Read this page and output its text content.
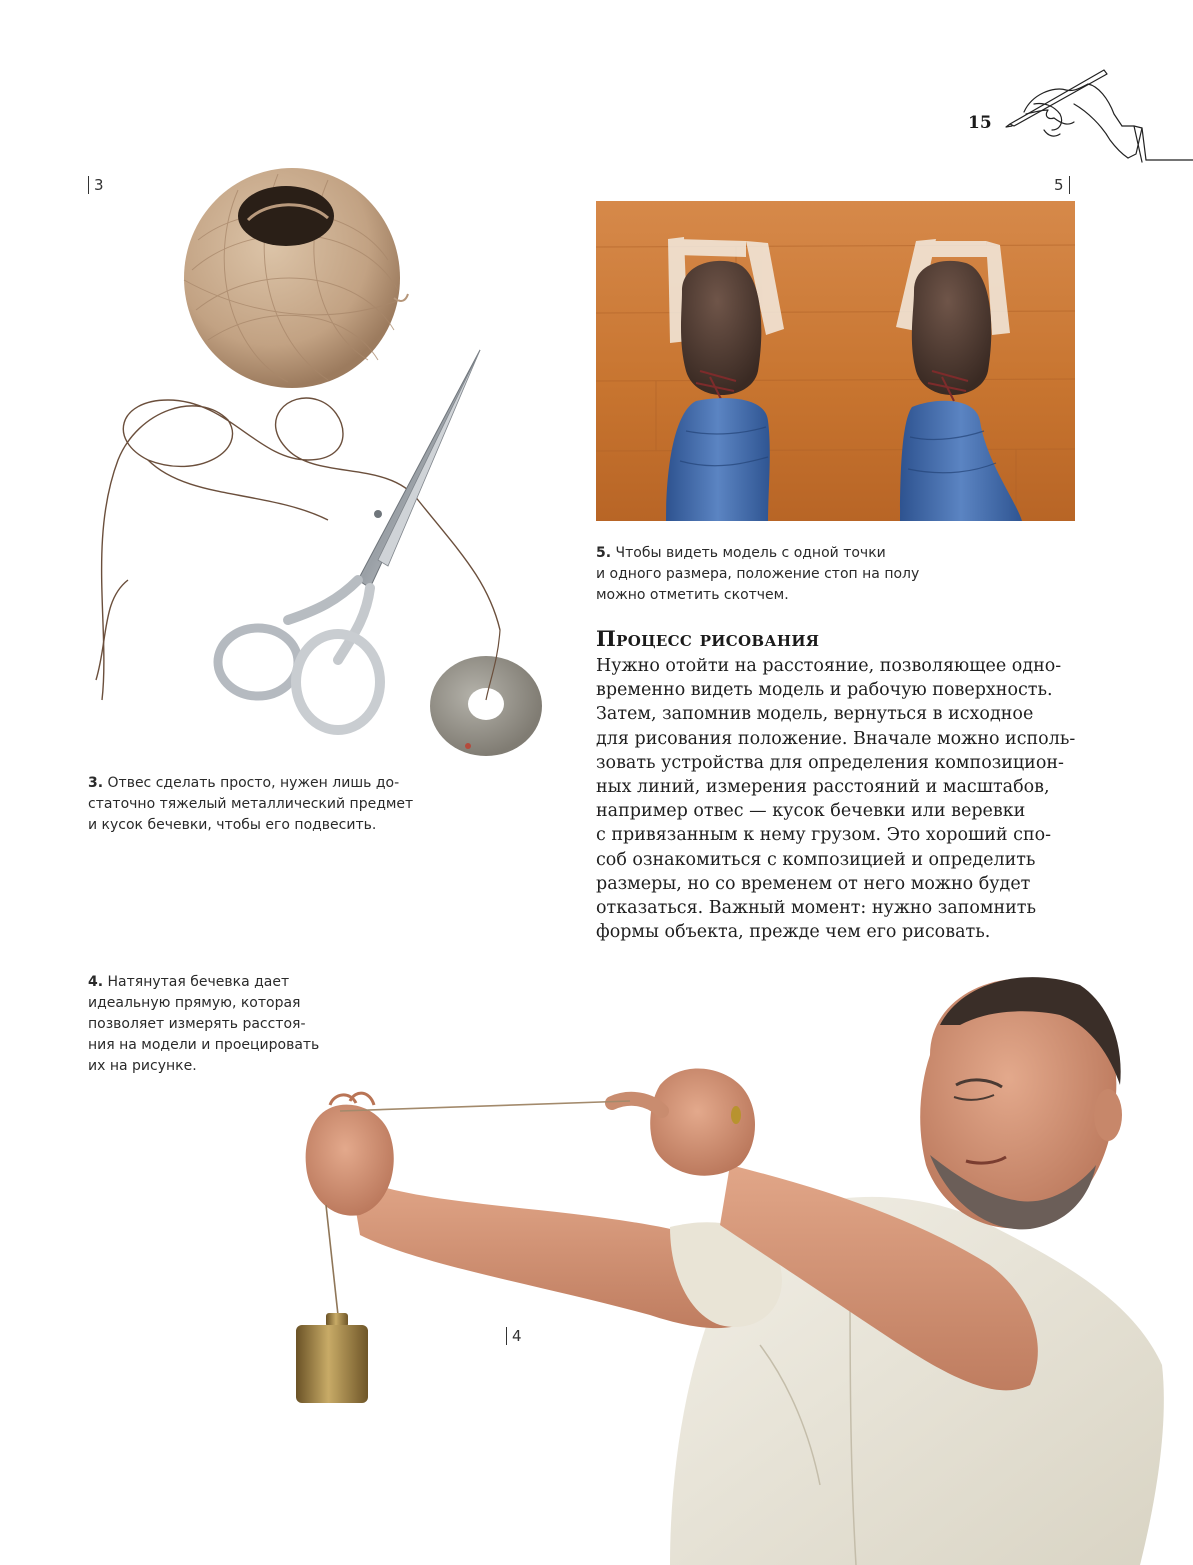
15
3
3. Отвес сделать просто, нужен лишь до-
статочно тяжелый металлический предмет
и кусок бечевки, чтобы его подвесить.
5
5. Чтобы видеть модель с одной точки
и одного размера, положение стоп на полу
можно отметить скотчем.
Процесс рисования
Нужно отойти на расстояние, позволяющее одно-
временно видеть модель и рабочую поверхность.
Затем, запомнив модель, вернуться в исходное
для рисования положение. Вначале можно исполь-
зовать устройства для определения композицион-
ных линий, измерения расстояний и масштабов,
например отвес — кусок бечевки или веревки
с привязанным к нему грузом. Это хороший спо-
соб ознакомиться с композицией и определить
размеры, но со временем от него можно будет
отказаться. Важный момент: нужно запомнить
формы объекта, прежде чем его рисовать.
4. Натянутая бечевка дает
идеальную прямую, которая
позволяет измерять расстоя-
ния на модели и проецировать
их на рисунке.
4
